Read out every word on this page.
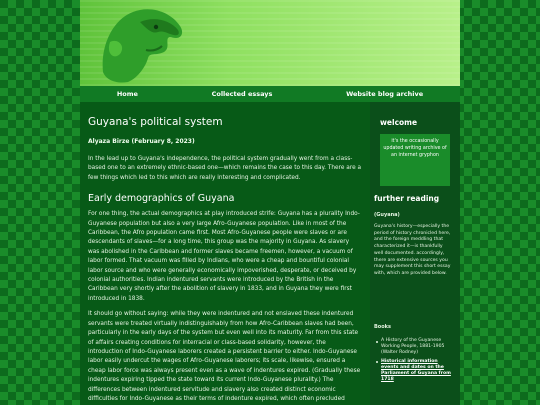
Home	Collected essays	Website blog archive
Guyana's political system
Alyaza Birze (February 8, 2023)

In the lead up to Guyana's independence, the political system gradually went from a class-based one to an extremely ethnic-based one—which remains the case to this day. There are a few things which led to this which are really interesting and complicated.

Early demographics of Guyana

For one thing, the actual demographics at play introduced strife: Guyana has a plurality Indo-Guyanese population but also a very large Afro-Guyanese population. Like in most of the Caribbean, the Afro population came first. Most Afro-Guyanese people were slaves or are descendants of slaves—for a long time, this group was the majority in Guyana. As slavery was abolished in the Caribbean and former slaves became freemen, however, a vacuum of labor formed. That vacuum was filled by Indians, who were a cheap and bountiful colonial labor source and who were generally economically impoverished, desperate, or deceived by colonial authorities. Indian indentured servants were introduced by the British in the Caribbean very shortly after the abolition of slavery in 1833, and in Guyana they were first introduced in 1838.

It should go without saying: while they were indentured and not enslaved these indentured servants were treated virtually indistinguishably from how Afro-Caribbean slaves had been, particularly in the early days of the system but even well into its maturity. Far from this state of affairs creating conditions for interracial or class-based solidarity, however, the introduction of Indo-Guyanese laborers created a persistent barrier to either. Indo-Guyanese labor easily undercut the wages of Afro-Guyanese laborers; its scale, likewise, ensured a cheap labor force was always present even as a wave of indentures expired. (Gradually these indentures expiring tipped the state toward its current Indo-Guyanese plurality.) The differences between indentured servitude and slavery also created distinct economic difficulties for Indo-Guyanese as their terms of indenture expired, which often precluded

welcome
it's the occasionally updated writing archive of an internet gryphon
further reading
(Guyana)
Guyana's history—especially the period of history chronicled here, and the foreign meddling that characterized it—is thankfully well documented. accordingly, there are extensive sources you may supplement this short essay with, which are provided below.
Books
A History of the Guyanese Working People, 1881-1905 (Walter Rodney)
Historical information events and dates on the Parliament of Guyana from 1718
